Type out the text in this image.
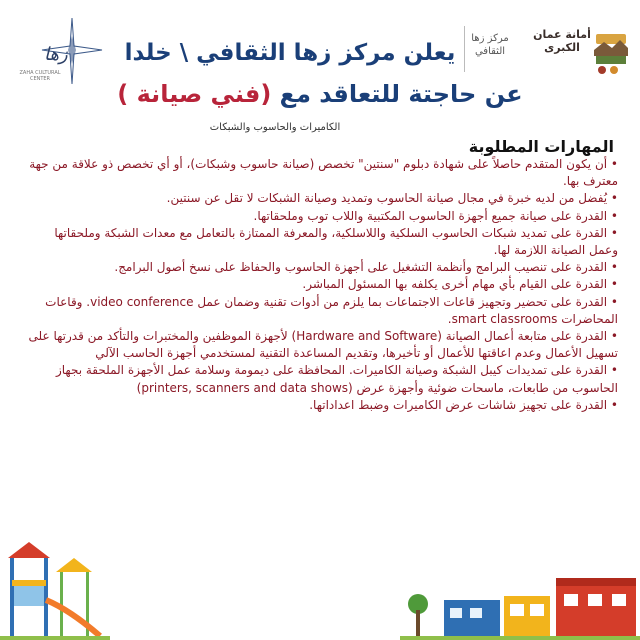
أمانة عمان الكبرى
مركز زها الثقافي
زها
ZAHA CULTURAL CENTER
يعلن مركز زها الثقافي \ خلدا
عن حاجتة للتعاقد مع (فني صيانة )
الكاميرات والحاسوب والشبكات
المهارات المطلوبة

• أن يكون المتقدم حاصلاً على شهادة دبلوم "سنتين" تخصص (صيانة حاسوب وشبكات)، أو أي تخصص ذو علاقة من جهة معترف بها.

• يُفضل من لديه خبرة في مجال صيانة الحاسوب وتمديد وصيانة الشبكات لا تقل عن سنتين.

• القدرة على صيانة جميع أجهزة الحاسوب المكتبية واللاب توب وملحقاتها.

• القدرة على تمديد شبكات الحاسوب السلكية واللاسلكية، والمعرفة الممتازة بالتعامل مع معدات الشبكة وملحقاتها وعمل الصيانة اللازمة لها.

• القدرة على تنصيب البرامج وأنظمة التشغيل على أجهزة الحاسوب والحفاظ على نسخ أصول البرامج.

• القدرة على القيام بأي مهام أخرى يكلفه بها المسئول المباشر.

• القدرة على تحضير وتجهيز قاعات الاجتماعات بما يلزم من أدوات تقنية وضمان عمل video conference. وقاعات المحاضرات smart classrooms.

• القدرة على متابعة أعمال الصيانة (Hardware and Software) لأجهزة الموظفين والمختبرات والتأكد من قدرتها على تسهيل الأعمال وعدم اعاقتها للأعمال أو تأخيرها، وتقديم المساعدة التقنية لمستخدمي أجهزة الحاسب الآلي

• القدرة على تمديدات كيبل الشبكة وصيانة الكاميرات. المحافظة على ديمومة وسلامة عمل الأجهزة الملحقة بجهاز الحاسوب من طابعات، ماسحات ضوئية وأجهزة عرض (printers, scanners and data shows)

• القدرة على تجهيز شاشات عرض الكاميرات وضبط اعداداتها.
